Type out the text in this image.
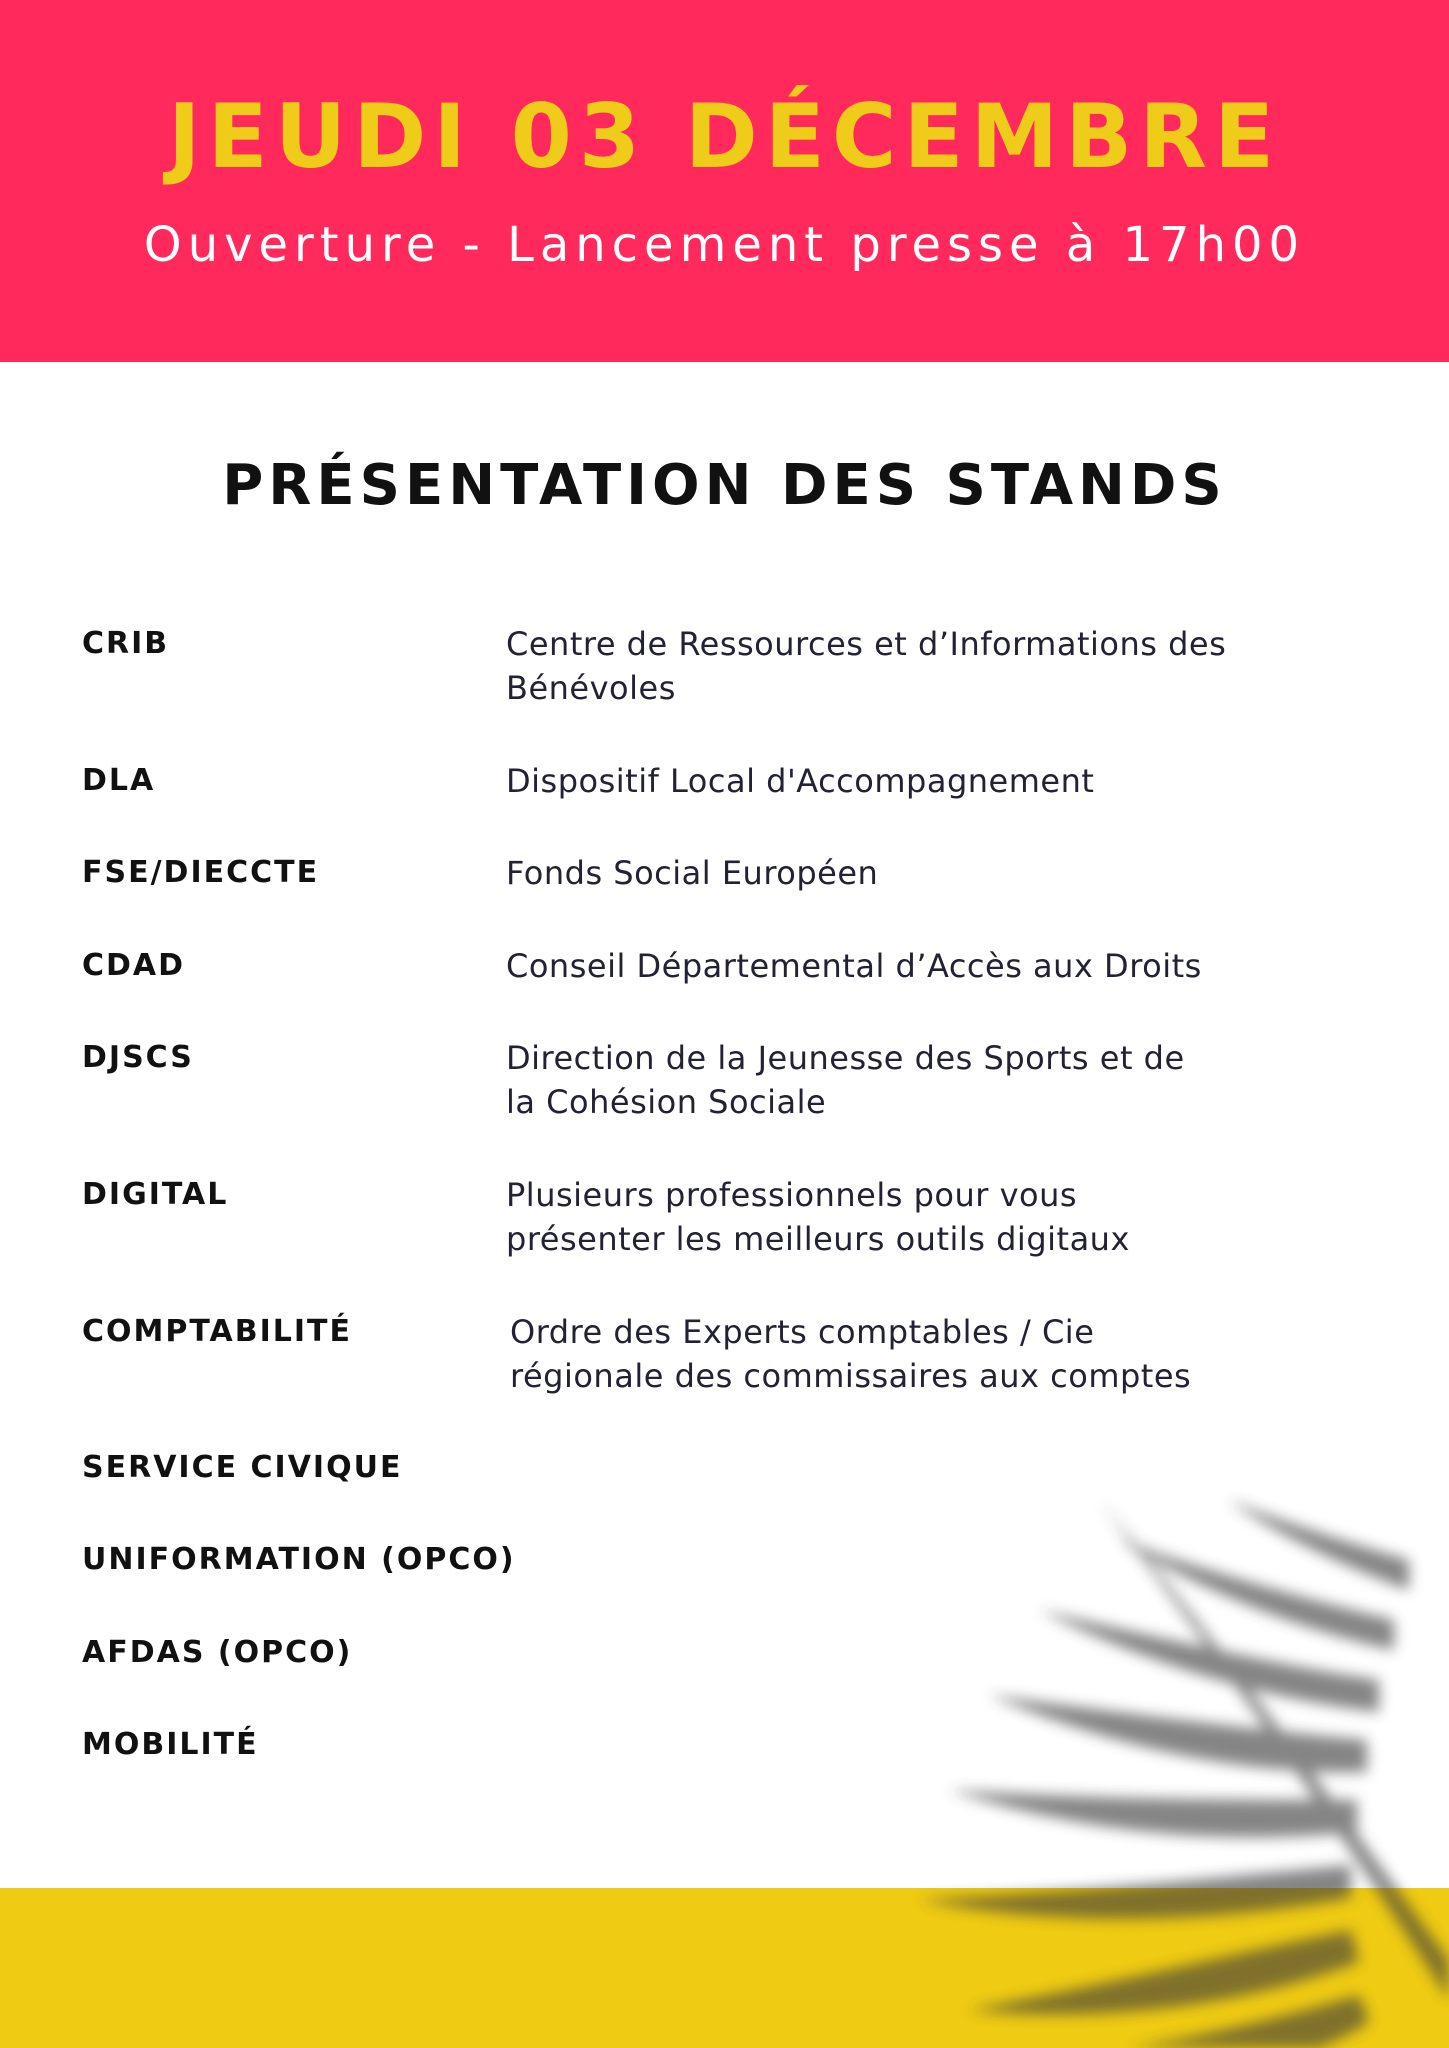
JEUDI 03 DÉCEMBRE
Ouverture - Lancement presse à 17h00
PRÉSENTATION DES STANDS
CRIB	Centre de Ressources et d’Informations des
Bénévoles
DLA	Dispositif Local d'Accompagnement
FSE/DIECCTE	Fonds Social Européen
CDAD	Conseil Départemental d’Accès aux Droits
DJSCS	Direction de la Jeunesse des Sports et de
la Cohésion Sociale
DIGITAL	Plusieurs professionnels pour vous
présenter les meilleurs outils digitaux
COMPTABILITÉ	Ordre des Experts comptables / Cie
régionale des commissaires aux comptes
SERVICE CIVIQUE
UNIFORMATION (OPCO)
AFDAS (OPCO)
MOBILITÉ
